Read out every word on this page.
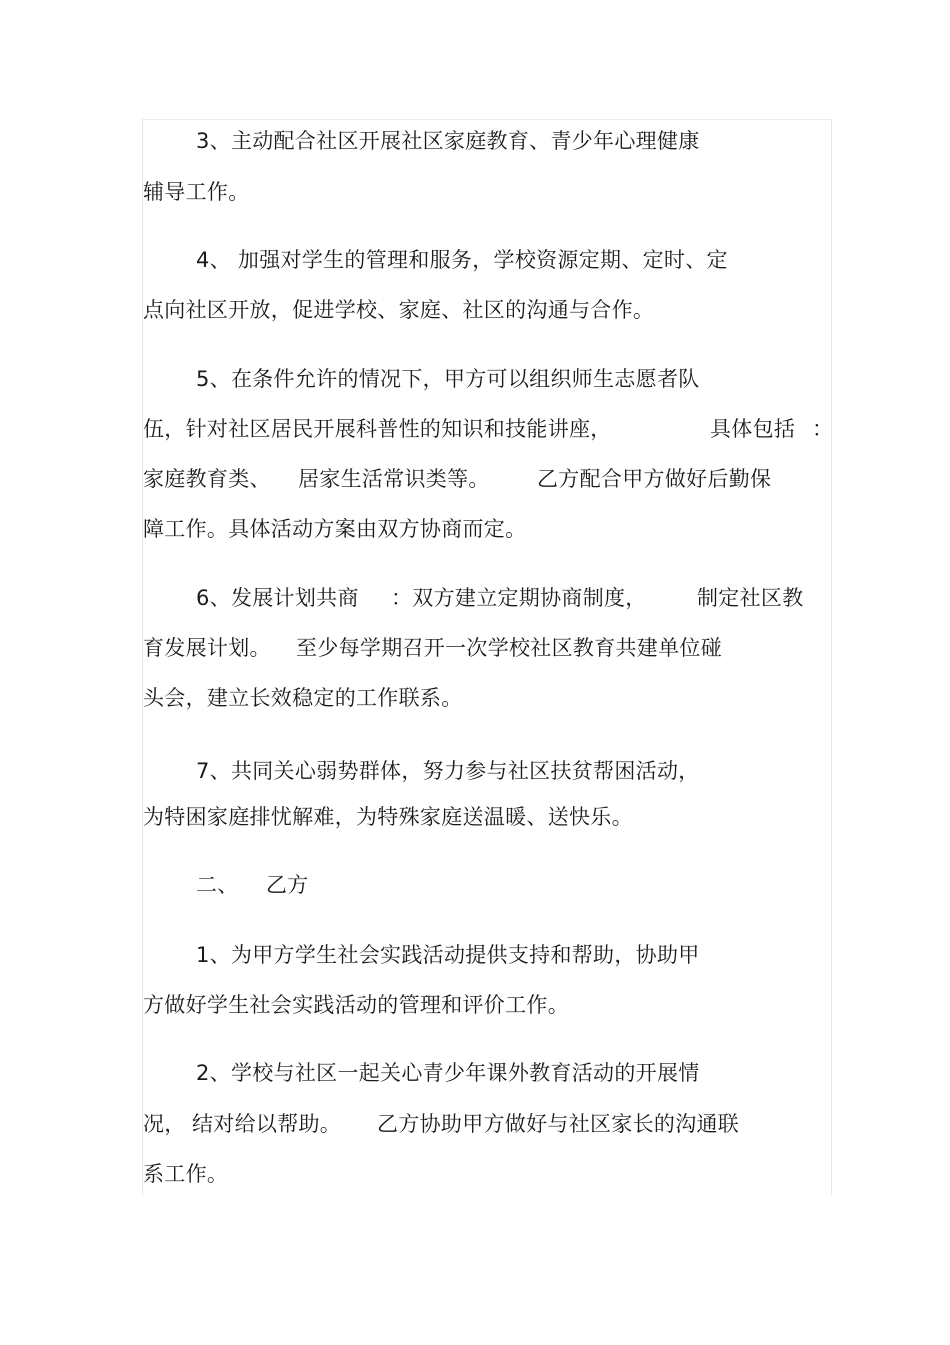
3、主动配合社区开展社区家庭教育、青少年心理健康
辅导工作。
4、 加强对学生的管理和服务，学校资源定期、定时、定
点向社区开放，促进学校、家庭、社区的沟通与合作。
5、在条件允许的情况下，甲方可以组织师生志愿者队
伍，针对社区居民开展科普性的知识和技能讲座，	具体包括 ：
家庭教育类、 居家生活常识类等。 乙方配合甲方做好后勤保
障工作。具体活动方案由双方协商而定。
6、发展计划共商 ：双方建立定期协商制度， 制定社区教
育发展计划。 至少每学期召开一次学校社区教育共建单位碰
头会，建立长效稳定的工作联系。
7、共同关心弱势群体，努力参与社区扶贫帮困活动，
为特困家庭排忧解难，为特殊家庭送温暖、送快乐。
二、 乙方
1、为甲方学生社会实践活动提供支持和帮助，协助甲
方做好学生社会实践活动的管理和评价工作。
2、学校与社区一起关心青少年课外教育活动的开展情
况， 结对给以帮助。 乙方协助甲方做好与社区家长的沟通联
系工作。
